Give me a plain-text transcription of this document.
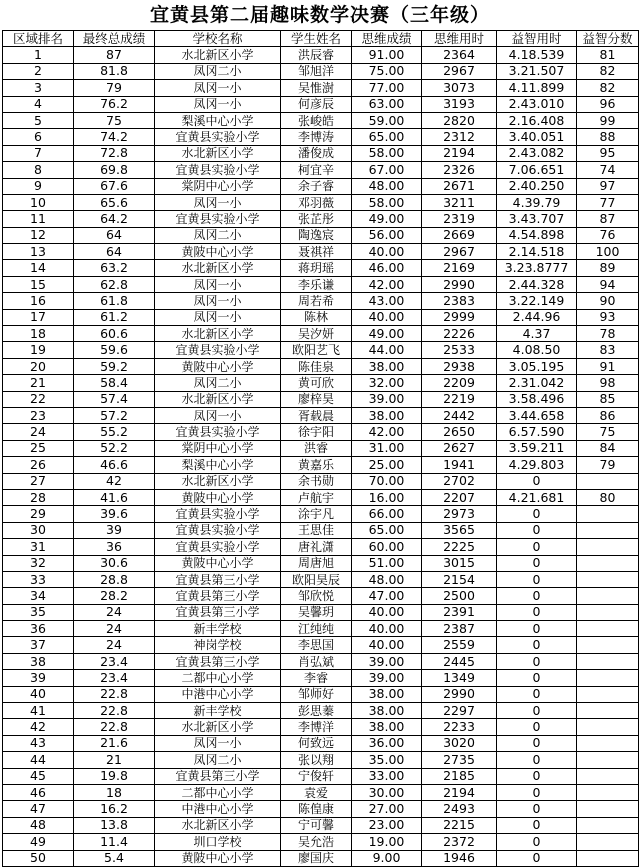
宜黄县第二届趣味数学决赛（三年级）
区域排名	最终总成绩	学校名称	学生姓名	思维成绩	思维用时	益智用时	益智分数
1	87	水北新区小学	洪辰睿	91.00	2364	4.18.539	81
2	81.8	凤冈二小	邹旭洋	75.00	2967	3.21.507	82
3	79	凤冈一小	吴惟澍	77.00	3073	4.11.899	82
4	76.2	凤冈一小	何彦辰	63.00	3193	2.43.010	96
5	75	梨溪中心小学	张峻皓	59.00	2820	2.16.408	99
6	74.2	宜黄县实验小学	李博涛	65.00	2312	3.40.051	88
7	72.8	水北新区小学	潘俊成	58.00	2194	2.43.082	95
8	69.8	宜黄县实验小学	柯宜辛	67.00	2326	7.06.651	74
9	67.6	棠阴中心小学	余子睿	48.00	2671	2.40.250	97
10	65.6	凤冈一小	邓羽薇	58.00	3211	4.39.79	77
11	64.2	宜黄县实验小学	张芷彤	49.00	2319	3.43.707	87
12	64	凤冈二小	陶逸宸	56.00	2669	4.54.898	76
13	64	黄陂中心小学	聂祺祥	40.00	2967	2.14.518	100
14	63.2	水北新区小学	蒋玥瑶	46.00	2169	3.23.8777	89
15	62.8	凤冈一小	李乐谦	42.00	2990	2.44.328	94
16	61.8	凤冈一小	周若希	43.00	2383	3.22.149	90
17	61.2	凤冈一小	陈林	40.00	2999	2.44.96	93
18	60.6	水北新区小学	吴汐妍	49.00	2226	4.37	78
19	59.6	宜黄县实验小学	欧阳艺飞	44.00	2533	4.08.50	83
20	59.2	黄陂中心小学	陈佳泉	38.00	2938	3.05.195	91
21	58.4	凤冈二小	黄可欣	32.00	2209	2.31.042	98
22	57.4	水北新区小学	廖梓昊	39.00	2219	3.58.496	85
23	57.2	凤冈一小	胥载晨	38.00	2442	3.44.658	86
24	55.2	宜黄县实验小学	徐宇阳	42.00	2650	6.57.590	75
25	52.2	棠阴中心小学	洪睿	31.00	2627	3.59.211	84
26	46.6	梨溪中心小学	黄嘉乐	25.00	1941	4.29.803	79
27	42	水北新区小学	余书勋	70.00	2702	0	
28	41.6	黄陂中心小学	卢航宇	16.00	2207	4.21.681	80
29	39.6	宜黄县实验小学	涂宇凡	66.00	2973	0	
30	39	宜黄县实验小学	王思佳	65.00	3565	0	
31	36	宜黄县实验小学	唐礼潇	60.00	2225	0	
32	30.6	黄陂中心小学	周唐旭	51.00	3015	0	
33	28.8	宜黄县第三小学	欧阳昊辰	48.00	2154	0	
34	28.2	宜黄县第三小学	邹欣悦	47.00	2500	0	
35	24	宜黄县第三小学	吴馨玥	40.00	2391	0	
36	24	新丰学校	江纯纯	40.00	2387	0	
37	24	神岗学校	李思国	40.00	2559	0	
38	23.4	宜黄县第三小学	肖弘斌	39.00	2445	0	
39	23.4	二都中心小学	李睿	39.00	1349	0	
40	22.8	中港中心小学	邹师好	38.00	2990	0	
41	22.8	新丰学校	彭思蓁	38.00	2297	0	
42	22.8	水北新区小学	李博洋	38.00	2233	0	
43	21.6	凤冈一小	何致远	36.00	3020	0	
44	21	凤冈二小	张以翔	35.00	2735	0	
45	19.8	宜黄县第三小学	宁俊轩	33.00	2185	0	
46	18	二都中心小学	袁爱	30.00	2194	0	
47	16.2	中港中心小学	陈偟康	27.00	2493	0	
48	13.8	水北新区小学	宁可馨	23.00	2215	0	
49	11.4	圳口学校	吴允浩	19.00	2372	0	
50	5.4	黄陂中心小学	廖国庆	9.00	1946	0	
